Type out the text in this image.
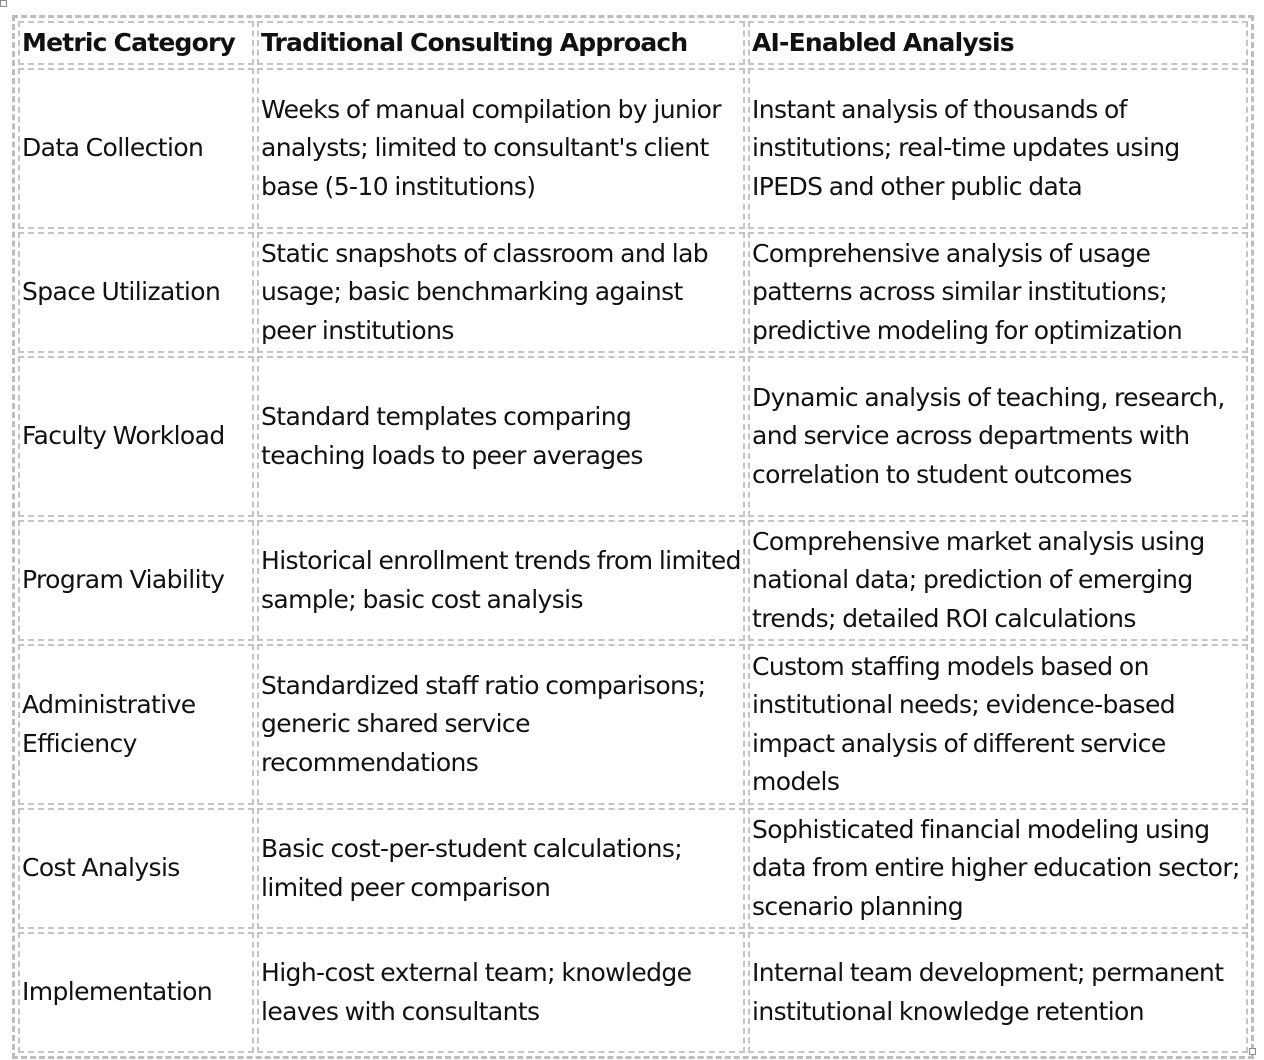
Metric Category	Traditional Consulting Approach	AI-Enabled Analysis
Data Collection	Weeks of manual compilation by junior analysts; limited to consultant's client base (5-10 institutions)	Instant analysis of thousands of institutions; real-time updates using IPEDS and other public data
Space Utilization	Static snapshots of classroom and lab usage; basic benchmarking against peer institutions	Comprehensive analysis of usage patterns across similar institutions; predictive modeling for optimization
Faculty Workload	Standard templates comparing teaching loads to peer averages	Dynamic analysis of teaching, research, and service across departments with correlation to student outcomes
Program Viability	Historical enrollment trends from limited sample; basic cost analysis	Comprehensive market analysis using national data; prediction of emerging trends; detailed ROI calculations
Administrative Efficiency	Standardized staff ratio comparisons; generic shared service recommendations	Custom staffing models based on institutional needs; evidence-based impact analysis of different service models
Cost Analysis	Basic cost-per-student calculations; limited peer comparison	Sophisticated financial modeling using data from entire higher education sector; scenario planning
Implementation	High-cost external team; knowledge leaves with consultants	Internal team development; permanent institutional knowledge retention
